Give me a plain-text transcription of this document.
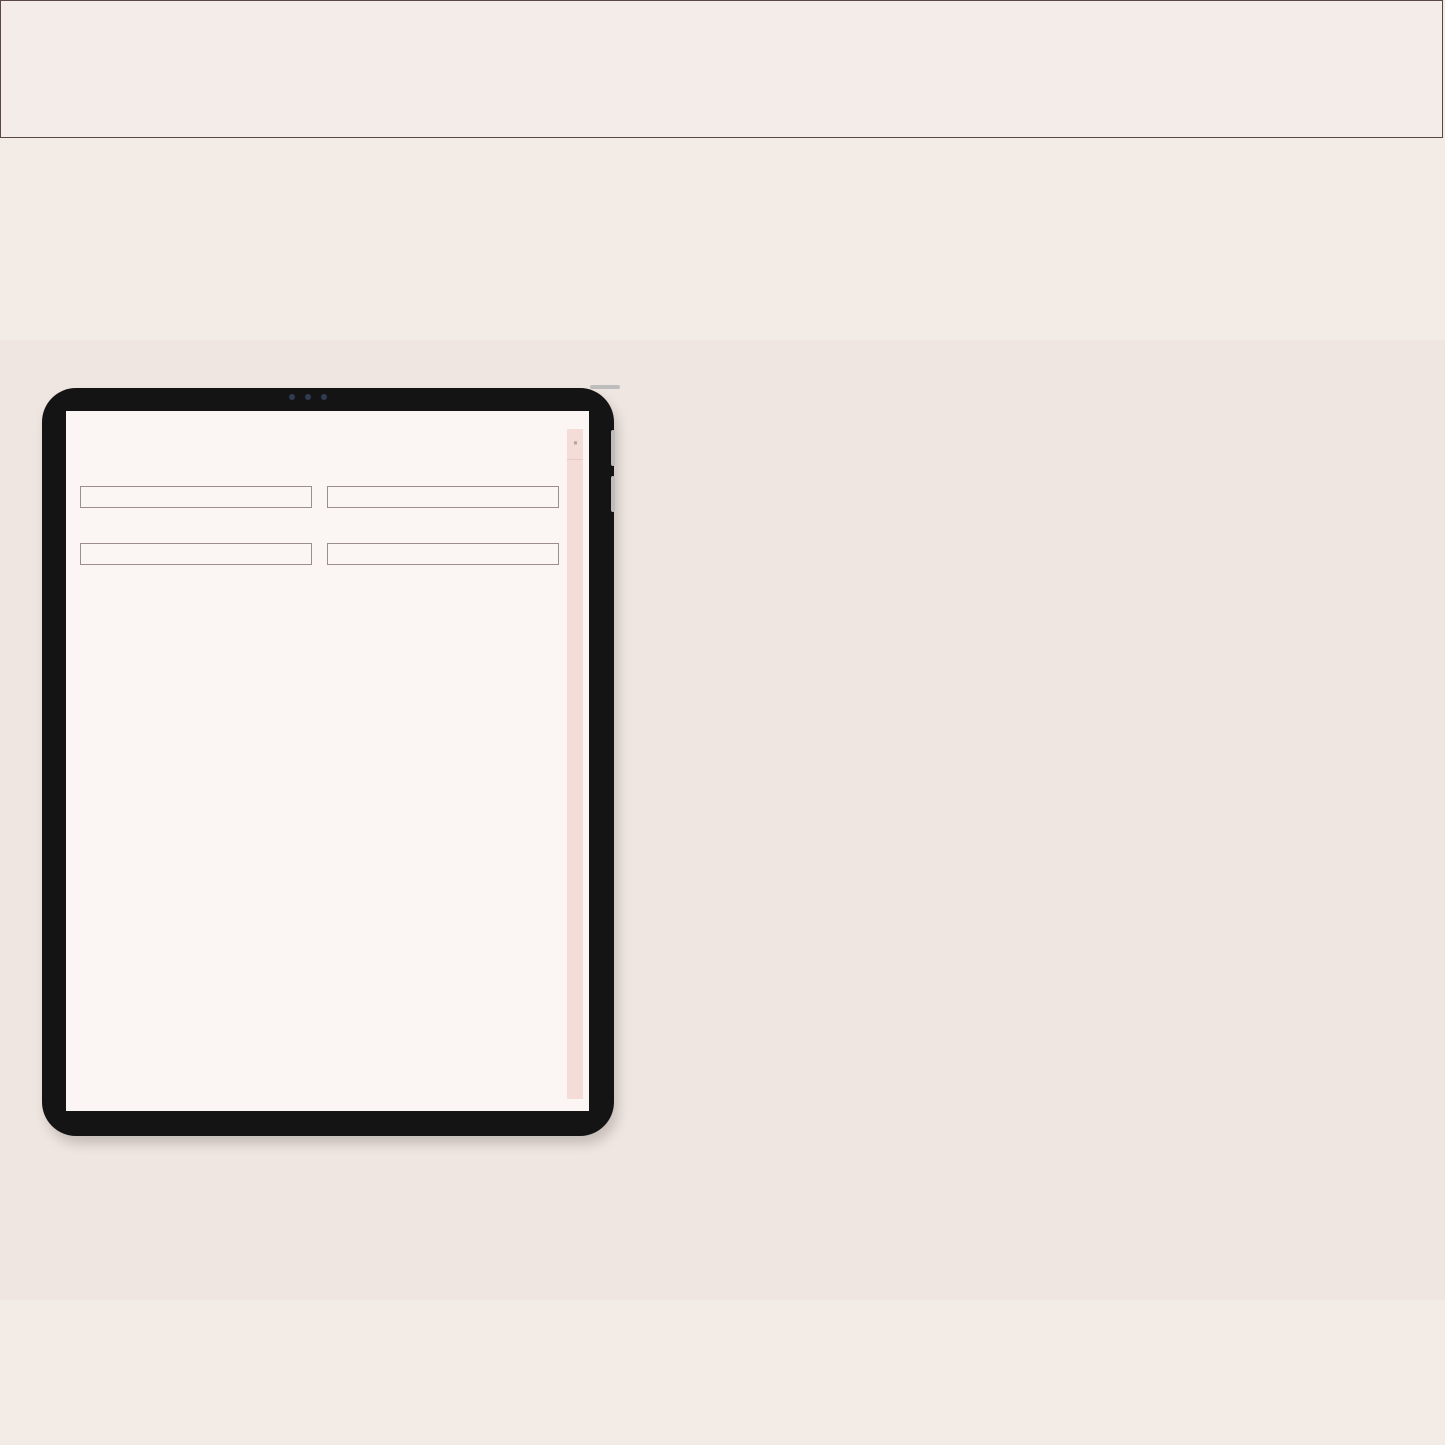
≡
